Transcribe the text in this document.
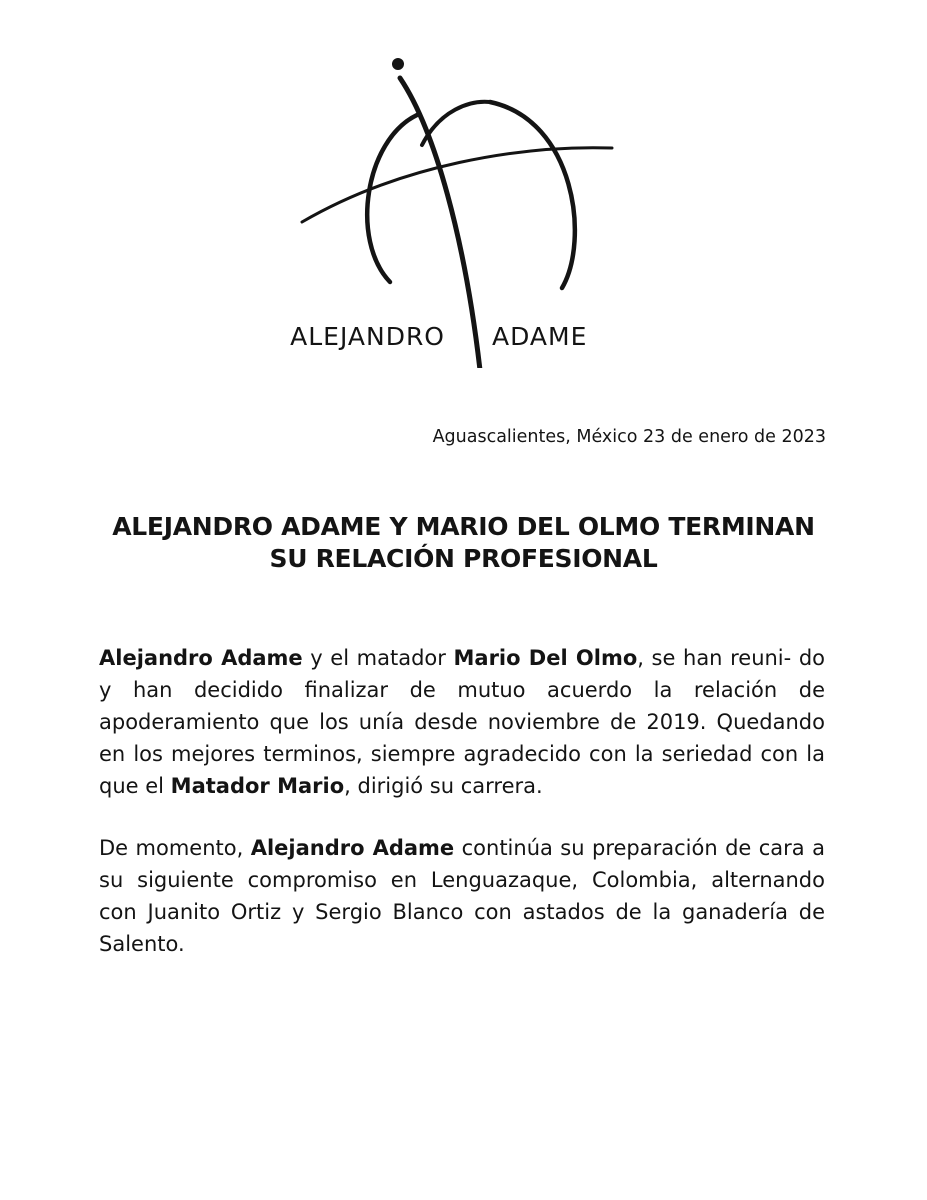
ALEJANDRO ADAME
Aguascalientes, México 23 de enero de 2023
ALEJANDRO ADAME Y MARIO DEL OLMO TERMINAN
SU RELACIÓN PROFESIONAL

Alejandro Adame y el matador Mario Del Olmo, se han reuni- do y han decidido finalizar de mutuo acuerdo la relación de apoderamiento que los unía desde noviembre de 2019. Quedando en los mejores terminos, siempre agradecido con la seriedad con la que el Matador Mario, dirigió su carrera.

De momento, Alejandro Adame continúa su preparación de cara a su siguiente compromiso en Lenguazaque, Colombia, alternando con Juanito Ortiz y Sergio Blanco con astados de la ganadería de Salento.
